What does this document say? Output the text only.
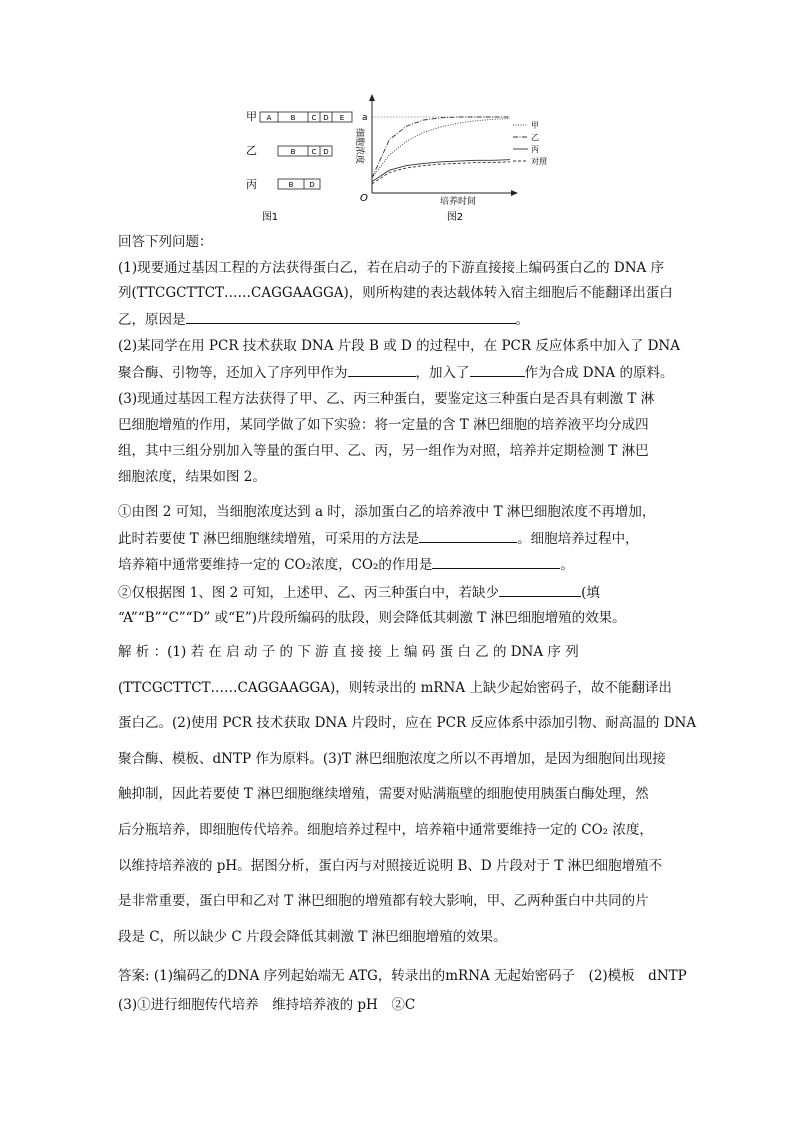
甲 A	B C D E
乙	B C D
丙	B D
图1
a
O
细胞浓度
培养时间
甲
乙
丙
对照
图2
回答下列问题：
(1)现要通过基因工程的方法获得蛋白乙，若在启动子的下游直接接上编码蛋白乙的 DNA 序
列(TTCGCTTCT……CAGGAAGGA)，则所构建的表达载体转入宿主细胞后不能翻译出蛋白
乙，原因是	。
(2)某同学在用 PCR 技术获取 DNA 片段 B 或 D 的过程中，在 PCR 反应体系中加入了 DNA
聚合酶、引物等，还加入了序列甲作为	，加入了	作为合成 DNA 的原料。
(3)现通过基因工程方法获得了甲、乙、丙三种蛋白，要鉴定这三种蛋白是否具有刺激 T 淋
巴细胞增殖的作用，某同学做了如下实验：将一定量的含 T 淋巴细胞的培养液平均分成四
组，其中三组分别加入等量的蛋白甲、乙、丙，另一组作为对照，培养并定期检测 T 淋巴
细胞浓度，结果如图 2。
①由图 2 可知，当细胞浓度达到 a 时，添加蛋白乙的培养液中 T 淋巴细胞浓度不再增加，
此时若要使 T 淋巴细胞继续增殖，可采用的方法是	。细胞培养过程中，
培养箱中通常要维持一定的 CO₂浓度，CO₂的作用是	。
②仅根据图 1、图 2 可知，上述甲、乙、丙三种蛋白中，若缺少	(填
“A”“B”“C”“D” 或“E”)片段所编码的肽段，则会降低其刺激 T 淋巴细胞增殖的效果。
解 析 ：(1) 若 在 启 动 子 的 下 游 直 接 接 上 编 码 蛋 白 乙 的 DNA 序 列
(TTCGCTTCT……CAGGAAGGA)，则转录出的 mRNA 上缺少起始密码子，故不能翻译出
蛋白乙。(2)使用 PCR 技术获取 DNA 片段时，应在 PCR 反应体系中添加引物、耐高温的 DNA
聚合酶、模板、dNTP 作为原料。(3)T 淋巴细胞浓度之所以不再增加，是因为细胞间出现接
触抑制，因此若要使 T 淋巴细胞继续增殖，需要对贴满瓶壁的细胞使用胰蛋白酶处理，然
后分瓶培养，即细胞传代培养。细胞培养过程中，培养箱中通常要维持一定的 CO₂ 浓度，
以维持培养液的 pH。据图分析，蛋白丙与对照接近说明 B、D 片段对于 T 淋巴细胞增殖不
是非常重要，蛋白甲和乙对 T 淋巴细胞的增殖都有较大影响，甲、乙两种蛋白中共同的片
段是 C，所以缺少 C 片段会降低其刺激 T 淋巴细胞增殖的效果。
答案: (1)编码乙的DNA 序列起始端无 ATG，转录出的mRNA 无起始密码子　(2)模板　dNTP
(3)①进行细胞传代培养　维持培养液的 pH　②C
